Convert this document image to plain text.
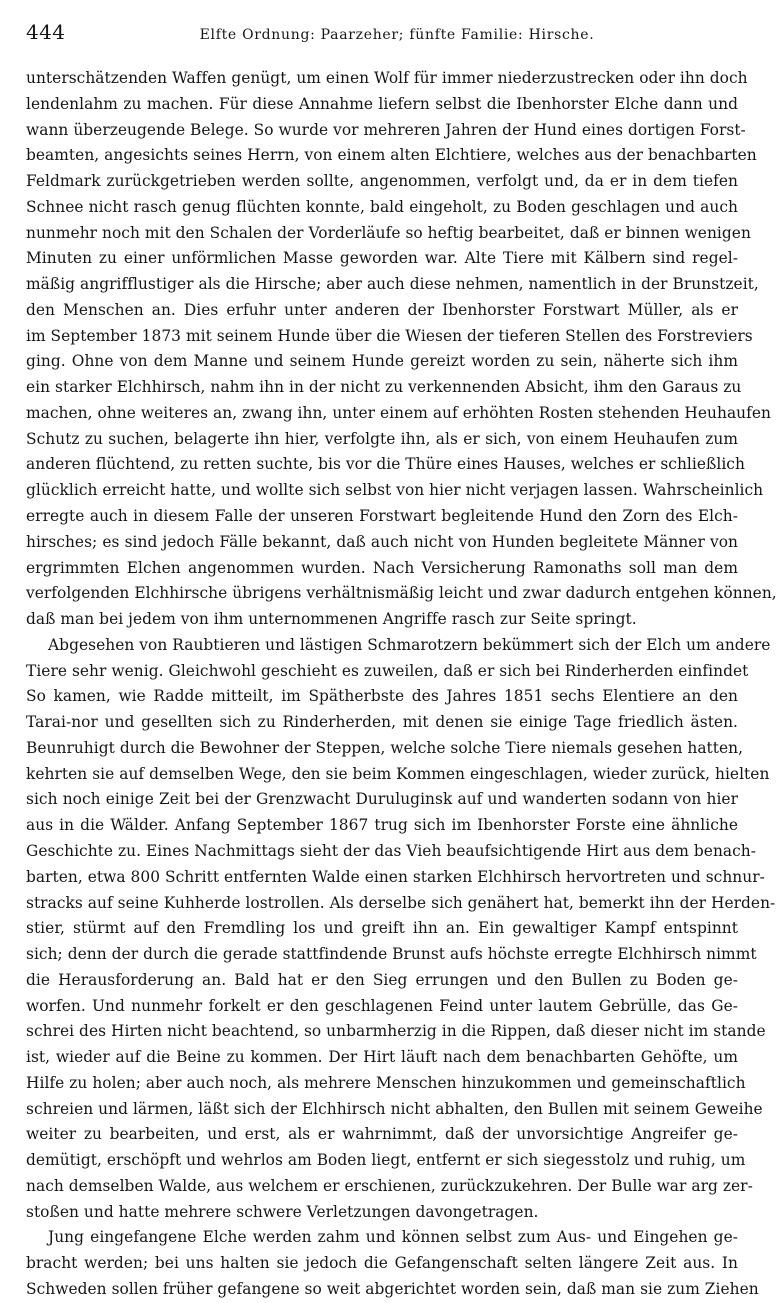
444	Elfte Ordnung: Paarzeher; fünfte Familie: Hirsche.
unterschätzenden Waffen genügt, um einen Wolf für immer niederzustrecken oder ihn doch
lendenlahm zu machen. Für diese Annahme liefern selbst die Ibenhorster Elche dann und
wann überzeugende Belege. So wurde vor mehreren Jahren der Hund eines dortigen Forst-
beamten, angesichts seines Herrn, von einem alten Elchtiere, welches aus der benachbarten
Feldmark zurückgetrieben werden sollte, angenommen, verfolgt und, da er in dem tiefen
Schnee nicht rasch genug flüchten konnte, bald eingeholt, zu Boden geschlagen und auch
nunmehr noch mit den Schalen der Vorderläufe so heftig bearbeitet, daß er binnen wenigen
Minuten zu einer unförmlichen Masse geworden war. Alte Tiere mit Kälbern sind regel-
mäßig angrifflustiger als die Hirsche; aber auch diese nehmen, namentlich in der Brunstzeit,
den Menschen an. Dies erfuhr unter anderen der Ibenhorster Forstwart Müller, als er
im September 1873 mit seinem Hunde über die Wiesen der tieferen Stellen des Forstreviers
ging. Ohne von dem Manne und seinem Hunde gereizt worden zu sein, näherte sich ihm
ein starker Elchhirsch, nahm ihn in der nicht zu verkennenden Absicht, ihm den Garaus zu
machen, ohne weiteres an, zwang ihn, unter einem auf erhöhten Rosten stehenden Heuhaufen
Schutz zu suchen, belagerte ihn hier, verfolgte ihn, als er sich, von einem Heuhaufen zum
anderen flüchtend, zu retten suchte, bis vor die Thüre eines Hauses, welches er schließlich
glücklich erreicht hatte, und wollte sich selbst von hier nicht verjagen lassen. Wahrscheinlich
erregte auch in diesem Falle der unseren Forstwart begleitende Hund den Zorn des Elch-
hirsches; es sind jedoch Fälle bekannt, daß auch nicht von Hunden begleitete Männer von
ergrimmten Elchen angenommen wurden. Nach Versicherung Ramonaths soll man dem
verfolgenden Elchhirsche übrigens verhältnismäßig leicht und zwar dadurch entgehen können,
daß man bei jedem von ihm unternommenen Angriffe rasch zur Seite springt.
Abgesehen von Raubtieren und lästigen Schmarotzern bekümmert sich der Elch um andere
Tiere sehr wenig. Gleichwohl geschieht es zuweilen, daß er sich bei Rinderherden einfindet
So kamen, wie Radde mitteilt, im Spätherbste des Jahres 1851 sechs Elentiere an den
Tarai-nor und gesellten sich zu Rinderherden, mit denen sie einige Tage friedlich ästen.
Beunruhigt durch die Bewohner der Steppen, welche solche Tiere niemals gesehen hatten,
kehrten sie auf demselben Wege, den sie beim Kommen eingeschlagen, wieder zurück, hielten
sich noch einige Zeit bei der Grenzwacht Duruluginsk auf und wanderten sodann von hier
aus in die Wälder. Anfang September 1867 trug sich im Ibenhorster Forste eine ähnliche
Geschichte zu. Eines Nachmittags sieht der das Vieh beaufsichtigende Hirt aus dem benach-
barten, etwa 800 Schritt entfernten Walde einen starken Elchhirsch hervortreten und schnur-
stracks auf seine Kuhherde lostrollen. Als derselbe sich genähert hat, bemerkt ihn der Herden-
stier, stürmt auf den Fremdling los und greift ihn an. Ein gewaltiger Kampf entspinnt
sich; denn der durch die gerade stattfindende Brunst aufs höchste erregte Elchhirsch nimmt
die Herausforderung an. Bald hat er den Sieg errungen und den Bullen zu Boden ge-
worfen. Und nunmehr forkelt er den geschlagenen Feind unter lautem Gebrülle, das Ge-
schrei des Hirten nicht beachtend, so unbarmherzig in die Rippen, daß dieser nicht im stande
ist, wieder auf die Beine zu kommen. Der Hirt läuft nach dem benachbarten Gehöfte, um
Hilfe zu holen; aber auch noch, als mehrere Menschen hinzukommen und gemeinschaftlich
schreien und lärmen, läßt sich der Elchhirsch nicht abhalten, den Bullen mit seinem Geweihe
weiter zu bearbeiten, und erst, als er wahrnimmt, daß der unvorsichtige Angreifer ge-
demütigt, erschöpft und wehrlos am Boden liegt, entfernt er sich siegesstolz und ruhig, um
nach demselben Walde, aus welchem er erschienen, zurückzukehren. Der Bulle war arg zer-
stoßen und hatte mehrere schwere Verletzungen davongetragen.
Jung eingefangene Elche werden zahm und können selbst zum Aus- und Eingehen ge-
bracht werden; bei uns halten sie jedoch die Gefangenschaft selten längere Zeit aus. In
Schweden sollen früher gefangene so weit abgerichtet worden sein, daß man sie zum Ziehen
